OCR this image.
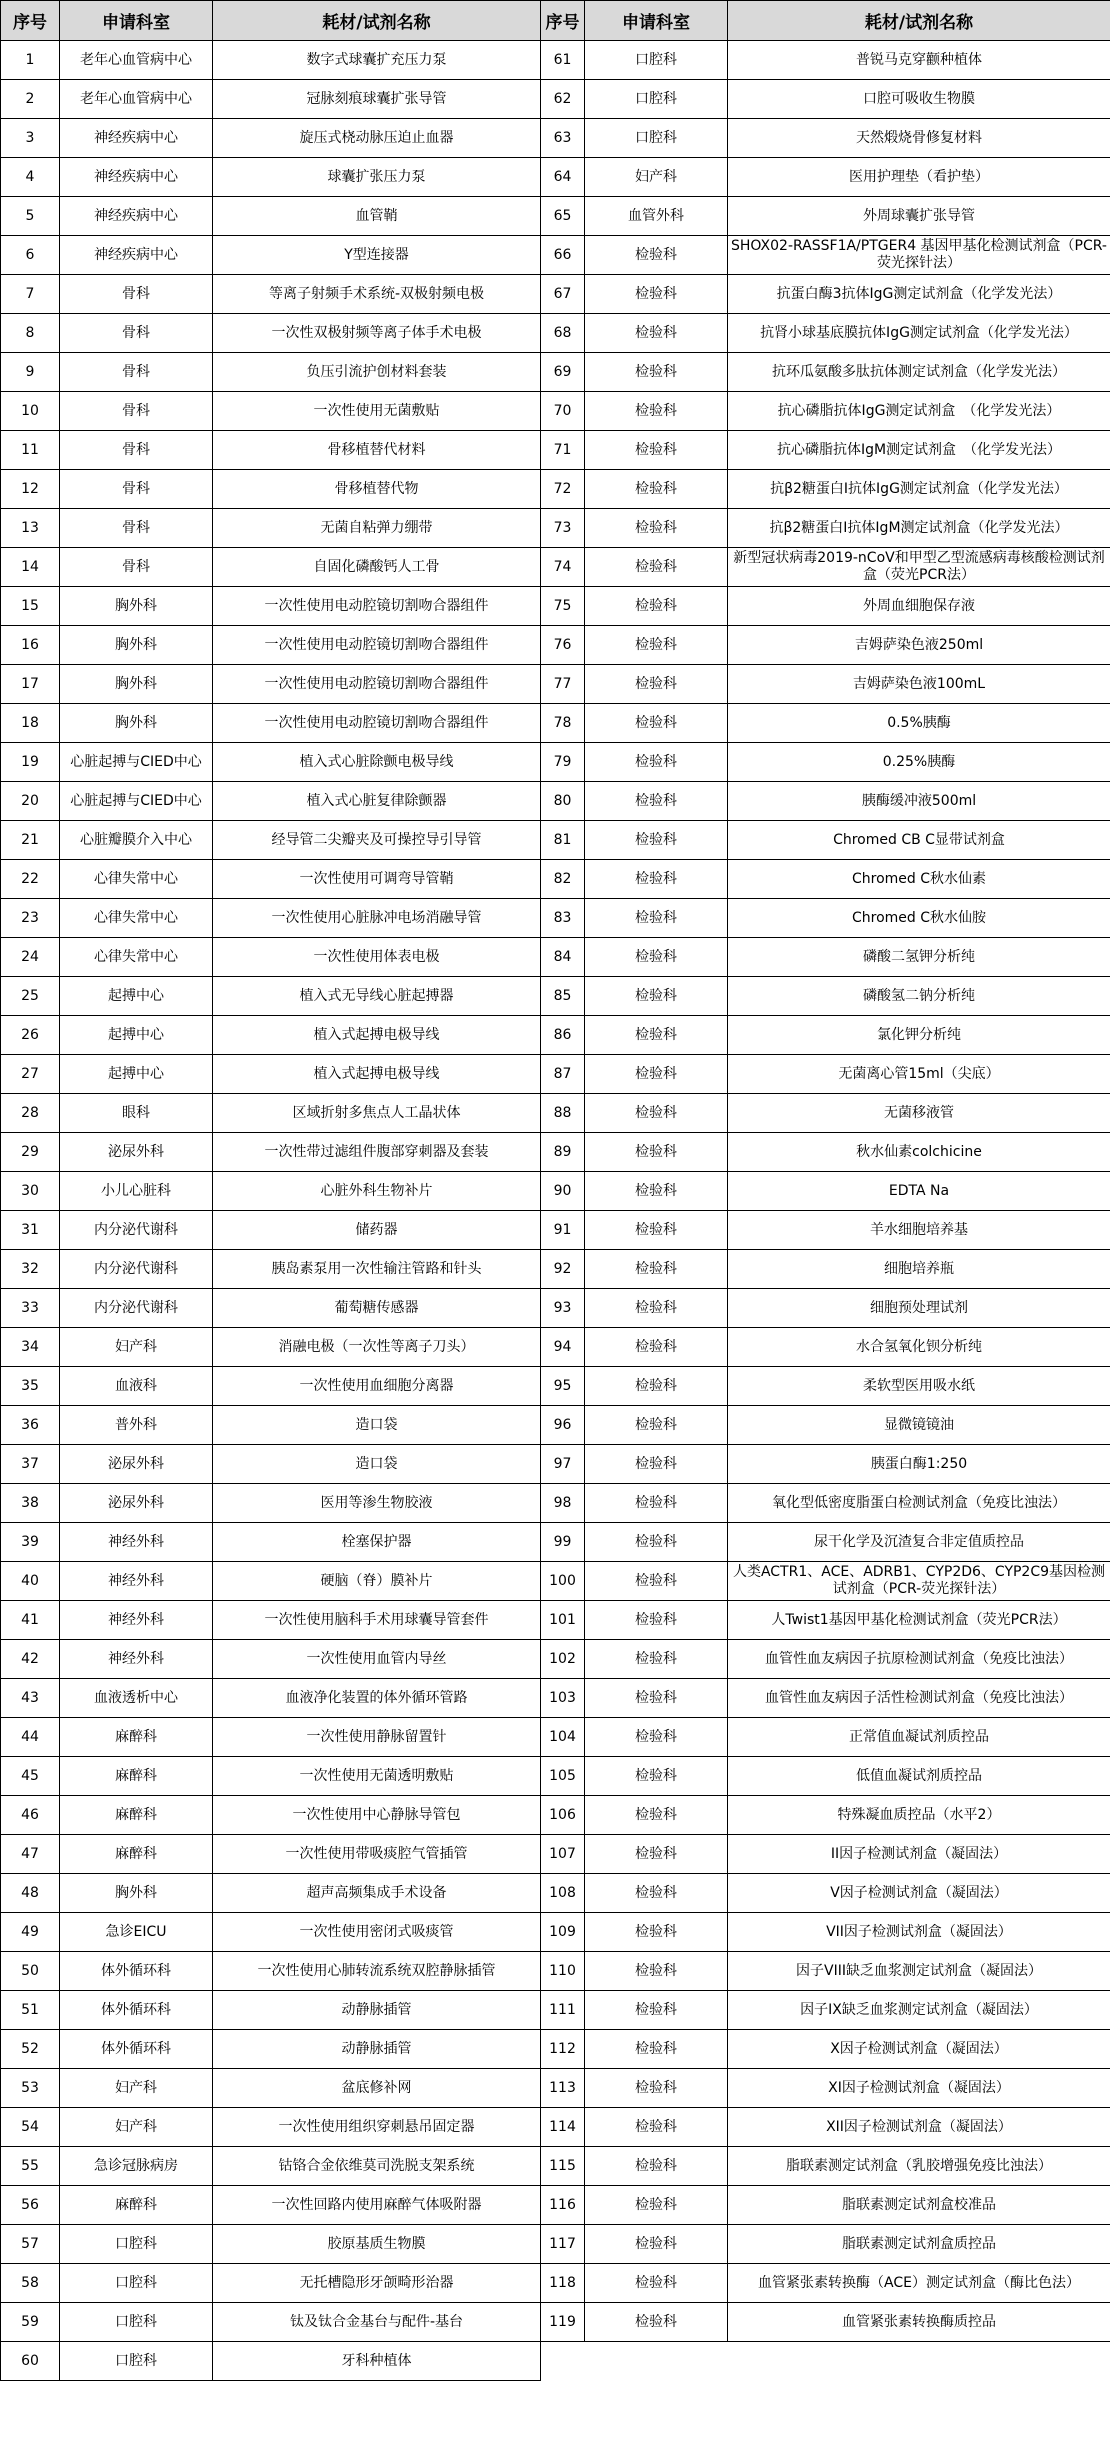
序号	申请科室	耗材/试剂名称	序号	申请科室	耗材/试剂名称
1	老年心血管病中心	数字式球囊扩充压力泵	61	口腔科	普锐马克穿颧种植体
2	老年心血管病中心	冠脉刻痕球囊扩张导管	62	口腔科	口腔可吸收生物膜
3	神经疾病中心	旋压式桡动脉压迫止血器	63	口腔科	天然煅烧骨修复材料
4	神经疾病中心	球囊扩张压力泵	64	妇产科	医用护理垫（看护垫）
5	神经疾病中心	血管鞘	65	血管外科	外周球囊扩张导管
6	神经疾病中心	Y型连接器	66	检验科	SHOX02-RASSF1A/PTGER4 基因甲基化检测试剂盒（PCR-荧光探针法）
7	骨科	等离子射频手术系统-双极射频电极	67	检验科	抗蛋白酶3抗体IgG测定试剂盒（化学发光法）
8	骨科	一次性双极射频等离子体手术电极	68	检验科	抗肾小球基底膜抗体IgG测定试剂盒（化学发光法）
9	骨科	负压引流护创材料套装	69	检验科	抗环瓜氨酸多肽抗体测定试剂盒（化学发光法）
10	骨科	一次性使用无菌敷贴	70	检验科	抗心磷脂抗体IgG测定试剂盒　（化学发光法）
11	骨科	骨移植替代材料	71	检验科	抗心磷脂抗体IgM测定试剂盒　（化学发光法）
12	骨科	骨移植替代物	72	检验科	抗β2糖蛋白I抗体IgG测定试剂盒（化学发光法）
13	骨科	无菌自粘弹力绷带	73	检验科	抗β2糖蛋白I抗体IgM测定试剂盒（化学发光法）
14	骨科	自固化磷酸钙人工骨	74	检验科	新型冠状病毒2019-nCoV和甲型乙型流感病毒核酸检测试剂盒（荧光PCR法）
15	胸外科	一次性使用电动腔镜切割吻合器组件	75	检验科	外周血细胞保存液
16	胸外科	一次性使用电动腔镜切割吻合器组件	76	检验科	吉姆萨染色液250ml
17	胸外科	一次性使用电动腔镜切割吻合器组件	77	检验科	吉姆萨染色液100mL
18	胸外科	一次性使用电动腔镜切割吻合器组件	78	检验科	0.5%胰酶
19	心脏起搏与CIED中心	植入式心脏除颤电极导线	79	检验科	0.25%胰酶
20	心脏起搏与CIED中心	植入式心脏复律除颤器	80	检验科	胰酶缓冲液500ml
21	心脏瓣膜介入中心	经导管二尖瓣夹及可操控导引导管	81	检验科	Chromed CB C显带试剂盒
22	心律失常中心	一次性使用可调弯导管鞘	82	检验科	Chromed C秋水仙素
23	心律失常中心	一次性使用心脏脉冲电场消融导管	83	检验科	Chromed C秋水仙胺
24	心律失常中心	一次性使用体表电极	84	检验科	磷酸二氢钾分析纯
25	起搏中心	植入式无导线心脏起搏器	85	检验科	磷酸氢二钠分析纯
26	起搏中心	植入式起搏电极导线	86	检验科	氯化钾分析纯
27	起搏中心	植入式起搏电极导线	87	检验科	无菌离心管15ml（尖底）
28	眼科	区域折射多焦点人工晶状体	88	检验科	无菌移液管
29	泌尿外科	一次性带过滤组件腹部穿刺器及套装	89	检验科	秋水仙素colchicine
30	小儿心脏科	心脏外科生物补片	90	检验科	EDTA Na
31	内分泌代谢科	储药器	91	检验科	羊水细胞培养基
32	内分泌代谢科	胰岛素泵用一次性输注管路和针头	92	检验科	细胞培养瓶
33	内分泌代谢科	葡萄糖传感器	93	检验科	细胞预处理试剂
34	妇产科	消融电极（一次性等离子刀头）	94	检验科	水合氢氧化钡分析纯
35	血液科	一次性使用血细胞分离器	95	检验科	柔软型医用吸水纸
36	普外科	造口袋	96	检验科	显微镜镜油
37	泌尿外科	造口袋	97	检验科	胰蛋白酶1:250
38	泌尿外科	医用等渗生物胶液	98	检验科	氧化型低密度脂蛋白检测试剂盒（免疫比浊法）
39	神经外科	栓塞保护器	99	检验科	尿干化学及沉渣复合非定值质控品
40	神经外科	硬脑（脊）膜补片	100	检验科	人类ACTR1、ACE、ADRB1、CYP2D6、CYP2C9基因检测试剂盒（PCR-荧光探针法）
41	神经外科	一次性使用脑科手术用球囊导管套件	101	检验科	人Twist1基因甲基化检测试剂盒（荧光PCR法）
42	神经外科	一次性使用血管内导丝	102	检验科	血管性血友病因子抗原检测试剂盒（免疫比浊法）
43	血液透析中心	血液净化装置的体外循环管路	103	检验科	血管性血友病因子活性检测试剂盒（免疫比浊法）
44	麻醉科	一次性使用静脉留置针	104	检验科	正常值血凝试剂质控品
45	麻醉科	一次性使用无菌透明敷贴	105	检验科	低值血凝试剂质控品
46	麻醉科	一次性使用中心静脉导管包	106	检验科	特殊凝血质控品（水平2）
47	麻醉科	一次性使用带吸痰腔气管插管	107	检验科	II因子检测试剂盒（凝固法）
48	胸外科	超声高频集成手术设备	108	检验科	V因子检测试剂盒（凝固法）
49	急诊EICU	一次性使用密闭式吸痰管	109	检验科	VII因子检测试剂盒（凝固法）
50	体外循环科	一次性使用心肺转流系统双腔静脉插管	110	检验科	因子VIII缺乏血浆测定试剂盒（凝固法）
51	体外循环科	动静脉插管	111	检验科	因子IX缺乏血浆测定试剂盒（凝固法）
52	体外循环科	动静脉插管	112	检验科	X因子检测试剂盒（凝固法）
53	妇产科	盆底修补网	113	检验科	XI因子检测试剂盒（凝固法）
54	妇产科	一次性使用组织穿刺悬吊固定器	114	检验科	XII因子检测试剂盒（凝固法）
55	急诊冠脉病房	钴铬合金依维莫司洗脱支架系统	115	检验科	脂联素测定试剂盒（乳胶增强免疫比浊法）
56	麻醉科	一次性回路内使用麻醉气体吸附器	116	检验科	脂联素测定试剂盒校准品
57	口腔科	胶原基质生物膜	117	检验科	脂联素测定试剂盒质控品
58	口腔科	无托槽隐形牙颌畸形治器	118	检验科	血管紧张素转换酶（ACE）测定试剂盒（酶比色法）
59	口腔科	钛及钛合金基台与配件-基台	119	检验科	血管紧张素转换酶质控品
60	口腔科	牙科种植体			
